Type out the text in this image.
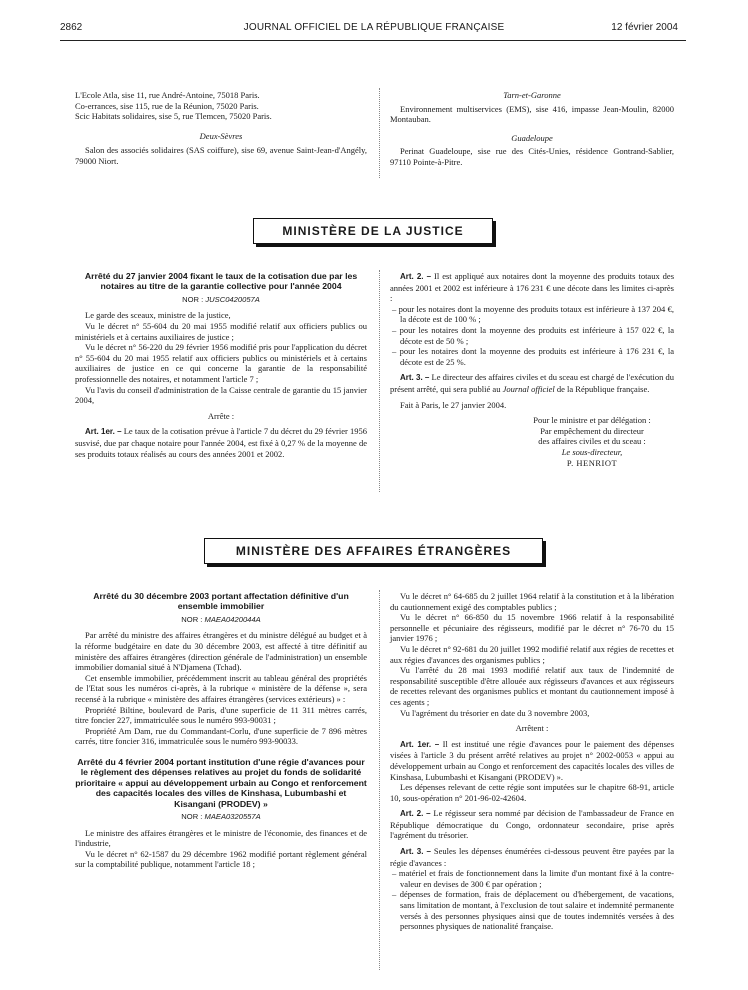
2862	JOURNAL OFFICIEL DE LA RÉPUBLIQUE FRANÇAISE	12 février 2004

L'Ecole Atla, sise 11, rue André-Antoine, 75018 Paris.

Co-errances, sise 115, rue de la Réunion, 75020 Paris.

Scic Habitats solidaires, sise 5, rue Tlemcen, 75020 Paris.

Deux-Sèvres

Salon des associés solidaires (SAS coiffure), sise 69, avenue Saint-Jean-d'Angély, 79000 Niort.

Tarn-et-Garonne

Environnement multiservices (EMS), sise 416, impasse Jean-Moulin, 82000 Montauban.

Guadeloupe

Perinat Guadeloupe, sise rue des Cités-Unies, résidence Gontrand-Sablier, 97110 Pointe-à-Pitre.

MINISTÈRE DE LA JUSTICE

Arrêté du 27 janvier 2004 fixant le taux de la cotisation due par les notaires au titre de la garantie collective pour l'année 2004

NOR : JUSC0420057A

Le garde des sceaux, ministre de la justice,

Vu le décret n° 55-604 du 20 mai 1955 modifié relatif aux officiers publics ou ministériels et à certains auxiliaires de justice ;

Vu le décret n° 56-220 du 29 février 1956 modifié pris pour l'application du décret n° 55-604 du 20 mai 1955 relatif aux officiers publics ou ministériels et à certains auxiliaires de justice en ce qui concerne la garantie de la responsabilité professionnelle des notaires, et notamment l'article 7 ;

Vu l'avis du conseil d'administration de la Caisse centrale de garantie du 15 janvier 2004,

Arrête :

Art. 1er. – Le taux de la cotisation prévue à l'article 7 du décret du 29 février 1956 susvisé, due par chaque notaire pour l'année 2004, est fixé à 0,27 % de la moyenne de ses produits totaux réalisés au cours des années 2001 et 2002.

Art. 2. – Il est appliqué aux notaires dont la moyenne des produits totaux des années 2001 et 2002 est inférieure à 176 231 € une décote dans les limites ci-après :

– pour les notaires dont la moyenne des produits totaux est inférieure à 137 204 €, la décote est de 100 % ;

– pour les notaires dont la moyenne des produits est inférieure à 157 022 €, la décote est de 50 % ;

– pour les notaires dont la moyenne des produits est inférieure à 176 231 €, la décote est de 25 %.

Art. 3. – Le directeur des affaires civiles et du sceau est chargé de l'exécution du présent arrêté, qui sera publié au Journal officiel de la République française.

Fait à Paris, le 27 janvier 2004.

Pour le ministre et par délégation :

Par empêchement du directeur

des affaires civiles et du sceau :

Le sous-directeur,

P. HENRIOT

MINISTÈRE DES AFFAIRES ÉTRANGÈRES

Arrêté du 30 décembre 2003 portant affectation définitive d'un ensemble immobilier

NOR : MAEA0420044A

Par arrêté du ministre des affaires étrangères et du ministre délégué au budget et à la réforme budgétaire en date du 30 décembre 2003, est affecté à titre définitif au ministère des affaires étrangères (direction générale de l'administration) un ensemble immobilier domanial situé à N'Djamena (Tchad).

Cet ensemble immobilier, précédemment inscrit au tableau général des propriétés de l'Etat sous les numéros ci-après, à la rubrique « ministère de la défense », sera recensé à la rubrique « ministère des affaires étrangères (services extérieurs) » :

Propriété Biltine, boulevard de Paris, d'une superficie de 11 311 mètres carrés, titre foncier 227, immatriculée sous le numéro 993-90031 ;

Propriété Am Dam, rue du Commandant-Corlu, d'une superficie de 7 896 mètres carrés, titre foncier 316, immatriculée sous le numéro 993-90033.

Arrêté du 4 février 2004 portant institution d'une régie d'avances pour le règlement des dépenses relatives au projet du fonds de solidarité prioritaire « appui au développement urbain au Congo et renforcement des capacités locales des villes de Kinshasa, Lubumbashi et Kisangani (PRODEV) »

NOR : MAEA0320557A

Le ministre des affaires étrangères et le ministre de l'économie, des finances et de l'industrie,

Vu le décret n° 62-1587 du 29 décembre 1962 modifié portant règlement général sur la comptabilité publique, notamment l'article 18 ;

Vu le décret n° 64-685 du 2 juillet 1964 relatif à la constitution et à la libération du cautionnement exigé des comptables publics ;

Vu le décret n° 66-850 du 15 novembre 1966 relatif à la responsabilité personnelle et pécuniaire des régisseurs, modifié par le décret n° 76-70 du 15 janvier 1976 ;

Vu le décret n° 92-681 du 20 juillet 1992 modifié relatif aux régies de recettes et aux régies d'avances des organismes publics ;

Vu l'arrêté du 28 mai 1993 modifié relatif aux taux de l'indemnité de responsabilité susceptible d'être allouée aux régisseurs d'avances et aux régisseurs de recettes relevant des organismes publics et montant du cautionnement imposé à ces agents ;

Vu l'agrément du trésorier en date du 3 novembre 2003,

Arrêtent :

Art. 1er. – Il est institué une régie d'avances pour le paiement des dépenses visées à l'article 3 du présent arrêté relatives au projet n° 2002-0053 « appui au développement urbain au Congo et renforcement des capacités locales des villes de Kinshasa, Lubumbashi et Kisangani (PRODEV) ».

Les dépenses relevant de cette régie sont imputées sur le chapitre 68-91, article 10, sous-opération n° 201-96-02-42604.

Art. 2. – Le régisseur sera nommé par décision de l'ambassadeur de France en République démocratique du Congo, ordonnateur secondaire, prise après l'agrément du trésorier.

Art. 3. – Seules les dépenses énumérées ci-dessous peuvent être payées par la régie d'avances :

– matériel et frais de fonctionnement dans la limite d'un montant fixé à la contre-valeur en devises de 300 € par opération ;

– dépenses de formation, frais de déplacement ou d'hébergement, de vacations, sans limitation de montant, à l'exclusion de tout salaire et indemnité permanente versés à des personnes physiques ainsi que de toutes indemnités versées à des personnes physiques de nationalité française.
